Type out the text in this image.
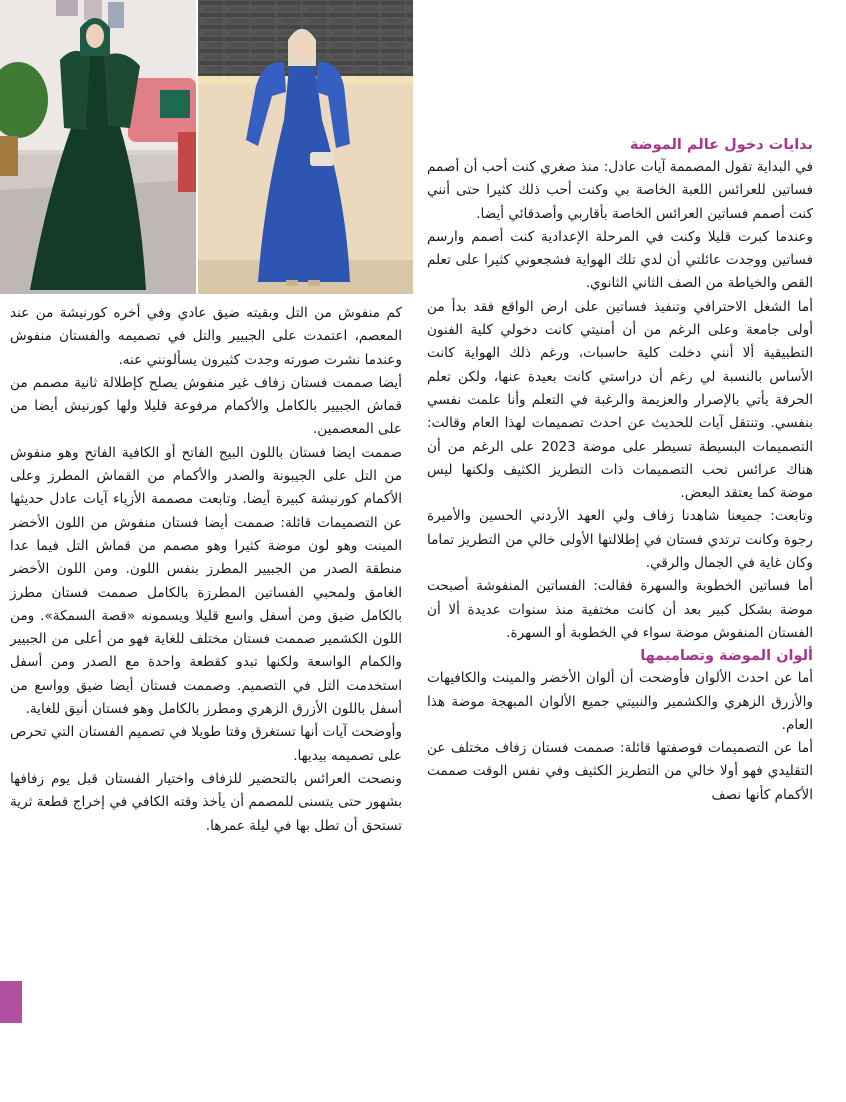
بدايات دخول عالم الموضة

في البداية تقول المصممة آيات عادل: منذ صغري كنت أحب أن أصمم فساتين للعرائس اللعبة الخاصة بي وكنت أحب ذلك كثيرا حتى أنني كنت أصمم فساتين العرائس الخاصة بأقاربي وأصدقائي أيضا.

وعندما كبرت قليلا وكنت في المرحلة الإعدادية كنت أصمم وارسم فساتين ووجدت عائلتي أن لدي تلك الهواية فشجعوني كثيرا على تعلم القص والخياطة من الصف الثاني الثانوي.

أما الشغل الاحترافي وتنفيذ فساتين على ارض الواقع فقد بدأ من أولى جامعة وعلى الرغم من أن أمنيتي كانت دخولي كلية الفنون التطبيقية ألا أنني دخلت كلية حاسبات، ورغم ذلك الهواية كانت الأساس بالنسبة لي رغم أن دراستي كانت بعيدة عنها، ولكن تعلم الحرفة يأتي بالإصرار والعزيمة والرغبة في التعلم وأنا علمت نفسي بنفسي. وتنتقل آيات للحديث عن احدث تصميمات لهذا العام وقالت: التصميمات البسيطة تسيطر على موضة 2023 على الرغم من أن هناك عرائس تحب التصميمات ذات التطريز الكثيف ولكنها ليس موضة كما يعتقد البعض.

وتابعت: جميعنا شاهدنا زفاف ولي العهد الأردني الحسين والأميرة رجوة وكانت ترتدي فستان في إطلالتها الأولى خالي من التطريز تماما وكان غاية في الجمال والرقي.

أما فساتين الخطوبة والسهرة فقالت: الفساتين المنفوشة أصبحت موضة بشكل كبير بعد أن كانت مختفية منذ سنوات عديدة ألا أن الفستان المنفوش موضة سواء في الخطوبة أو السهرة.

ألوان الموضة وتصاميمها

أما عن احدث الألوان فأوضحت أن ألوان الأخضر والمينت والكافيهات والأزرق الزهري والكشمير والنبيتي جميع الألوان المبهجة موضة هذا العام.

أما عن التصميمات فوصفتها قائلة: صممت فستان زفاف مختلف عن التقليدي فهو أولا خالي من التطريز الكثيف وفي نفس الوقت صممت الأكمام كأنها نصف

كم منفوش من التل وبقيته ضيق عادي وفي أخره كورنيشة من عند المعصم، اعتمدت على الجبيير والتل في تصميمه والفستان منفوش وعندما نشرت صورته وجدت كثيرون يسألونني عنه.

أيضا صممت فستان زفاف غير منفوش يصلح كإطلالة ثانية مصمم من قماش الجبيير بالكامل والأكمام مرفوعة قليلا ولها كورنيش أيضا من على المعصمين.

صممت ايضا فستان باللون البيج الفاتح أو الكافية الفاتح وهو منفوش من التل على الجيبونة والصدر والأكمام من القماش المطرز وعلى الأكمام كورنيشة كبيرة أيضا. وتابعت مصممة الأزياء آيات عادل حديثها عن التصميمات قائلة: صممت أيضا فستان منفوش من اللون الأخضر المينت وهو لون موضة كثيرا وهو مصمم من قماش التل فيما عدا منطقة الصدر من الجبيير المطرز بنفس اللون. ومن اللون الأخضر الغامق ولمحبي الفساتين المطرزة بالكامل صممت فستان مطرز بالكامل ضيق ومن أسفل واسع قليلا ويسمونه «قصة السمكة». ومن اللون الكشمير صممت فستان مختلف للغاية فهو من أعلى من الجبيير والكمام الواسعة ولكنها تبدو كقطعة واحدة مع الصدر ومن أسفل استخدمت التل في التصميم. وصممت فستان أيضا ضيق وواسع من أسفل باللون الأزرق الزهري ومطرز بالكامل وهو فستان أنيق للغاية.

وأوضحت آيات أنها تستغرق وقتا طويلا في تصميم الفستان التي تحرص على تصميمه بيديها.

ونصحت العرائس بالتحضير للزفاف واختيار الفستان قبل يوم زفافها بشهور حتى يتسنى للمصمم أن يأخذ وقته الكافي في إخراج قطعة ثرية تستحق أن تطل بها في ليلة عمرها.
